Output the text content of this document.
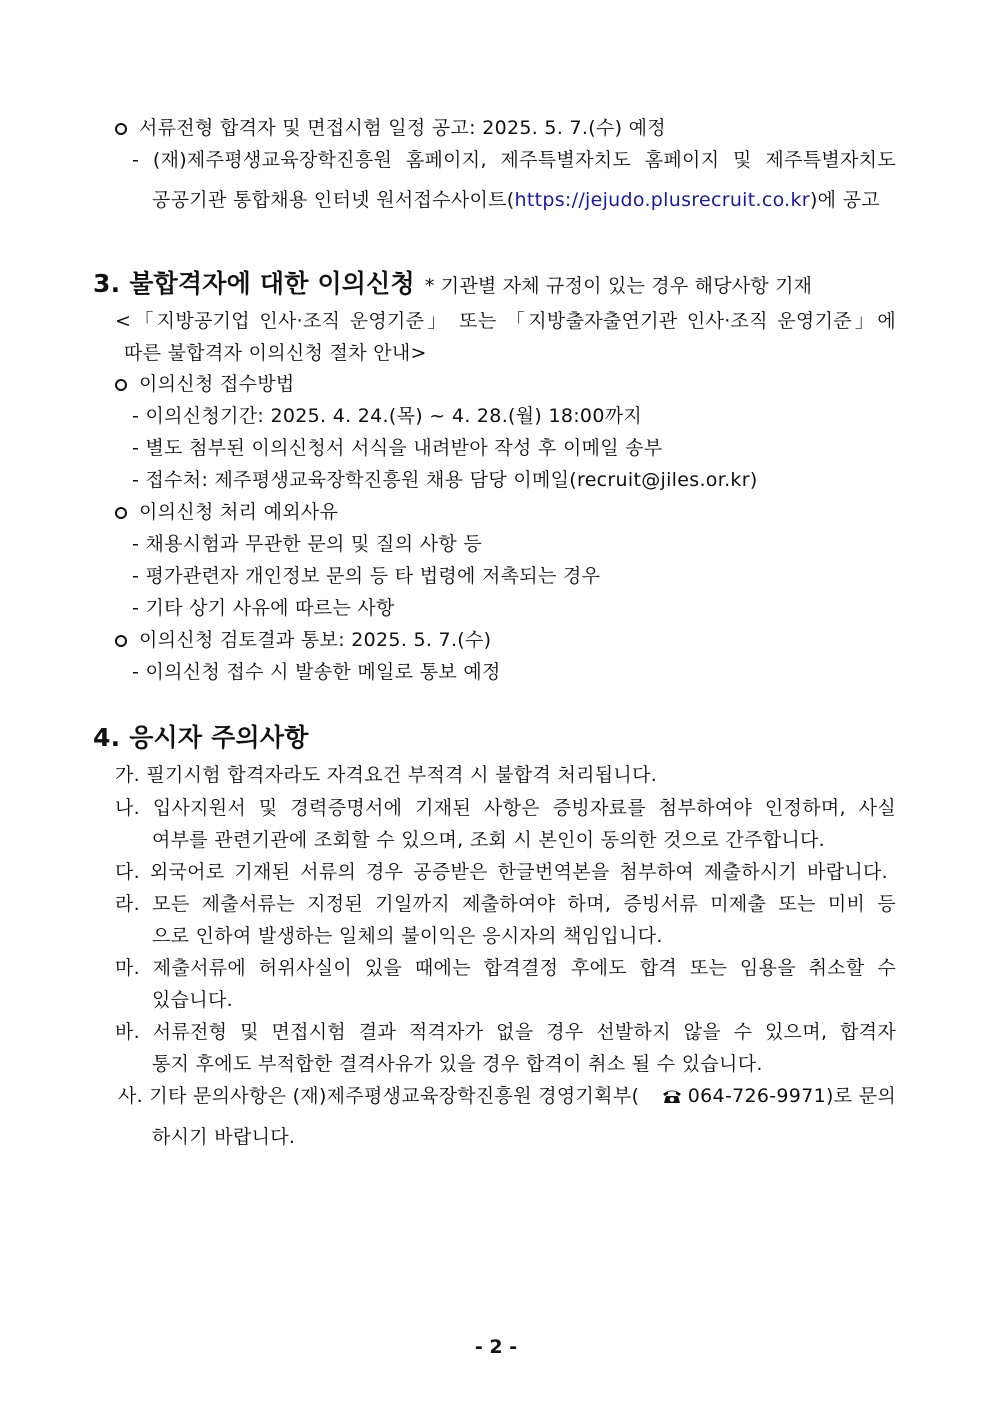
서류전형 합격자 및 면접시험 일정 공고: 2025. 5. 7.(수) 예정
- (재)제주평생교육장학진흥원 홈페이지, 제주특별자치도 홈페이지 및 제주특별자치도
공공기관 통합채용 인터넷 원서접수사이트(https://jejudo.plusrecruit.co.kr)에 공고
3. 불합격자에 대한 이의신청 * 기관별 자체 규정이 있는 경우 해당사항 기재
<「지방공기업 인사·조직 운영기준」 또는 「지방출자출연기관 인사·조직 운영기준」에
따른 불합격자 이의신청 절차 안내>
이의신청 접수방법
- 이의신청기간: 2025. 4. 24.(목) ~ 4. 28.(월) 18:00까지
- 별도 첨부된 이의신청서 서식을 내려받아 작성 후 이메일 송부
- 접수처: 제주평생교육장학진흥원 채용 담당 이메일(recruit@jiles.or.kr)
이의신청 처리 예외사유
- 채용시험과 무관한 문의 및 질의 사항 등
- 평가관련자 개인정보 문의 등 타 법령에 저촉되는 경우
- 기타 상기 사유에 따르는 사항
이의신청 검토결과 통보: 2025. 5. 7.(수)
- 이의신청 접수 시 발송한 메일로 통보 예정
4. 응시자 주의사항
가. 필기시험 합격자라도 자격요건 부적격 시 불합격 처리됩니다.
나. 입사지원서 및 경력증명서에 기재된 사항은 증빙자료를 첨부하여야 인정하며, 사실
여부를 관련기관에 조회할 수 있으며, 조회 시 본인이 동의한 것으로 간주합니다.
다. 외국어로 기재된 서류의 경우 공증받은 한글번역본을 첨부하여 제출하시기 바랍니다.
라. 모든 제출서류는 지정된 기일까지 제출하여야 하며, 증빙서류 미제출 또는 미비 등
으로 인하여 발생하는 일체의 불이익은 응시자의 책임입니다.
마. 제출서류에 허위사실이 있을 때에는 합격결정 후에도 합격 또는 임용을 취소할 수
있습니다.
바. 서류전형 및 면접시험 결과 적격자가 없을 경우 선발하지 않을 수 있으며, 합격자
통지 후에도 부적합한 결격사유가 있을 경우 합격이 취소 될 수 있습니다.
사. 기타 문의사항은 (재)제주평생교육장학진흥원 경영기획부(	064-726-9971 )로 문의
하시기 바랍니다.
- 2 -
